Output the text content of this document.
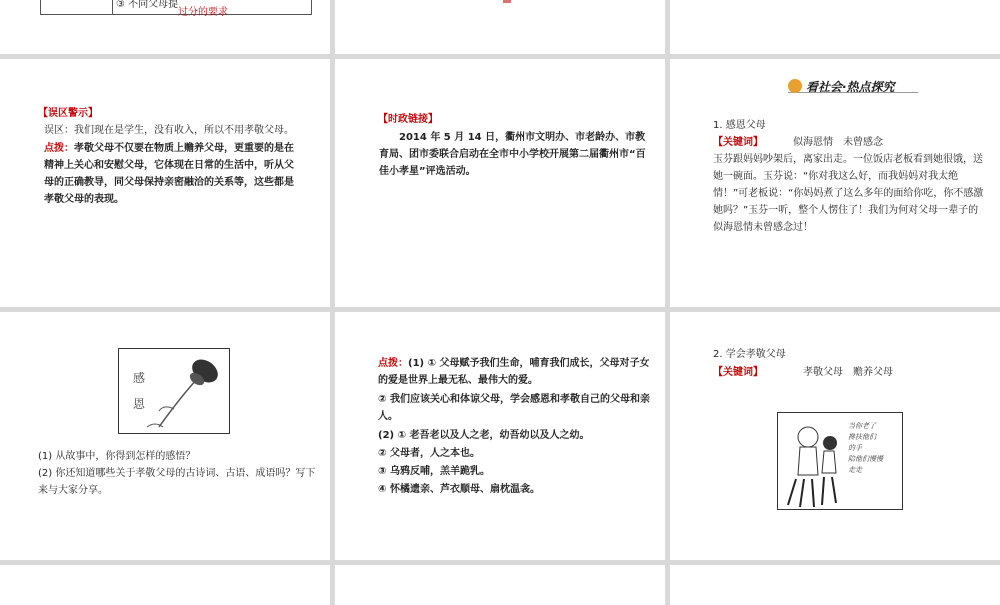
③ 不向父母提
过分的要求
【误区警示】
误区：我们现在是学生，没有收入，所以不用孝敬父母。
点拨：孝敬父母不仅要在物质上赡养父母，更重要的是在精神上关心和安慰父母，它体现在日常的生活中，听从父母的正确教导，同父母保持亲密融洽的关系等，这些都是孝敬父母的表现。
【时政链接】
2014 年 5 月 14 日，衢州市文明办、市老龄办、市教育局、团市委联合启动在全市中小学校开展第二届衢州市“百佳小孝星”评选活动。
看社会·热点探究
1. 感恩父母
【关键词】	似海恩情　未曾感念
玉芬跟妈妈吵架后，离家出走。一位饭店老板看到她很饿，送她一碗面。玉芬说：“你对我这么好，而我妈妈对我太绝情！”可老板说：“你妈妈煮了这么多年的面给你吃，你不感激她吗？”玉芬一听，整个人愣住了！我们为何对父母一辈子的似海恩情未曾感念过！
感恩
(1) 从故事中，你得到怎样的感悟？
(2) 你还知道哪些关于孝敬父母的古诗词、古语、成语吗？写下来与大家分享。
点拨：(1) ① 父母赋予我们生命，哺育我们成长，父母对子女的爱是世界上最无私、最伟大的爱。
② 我们应该关心和体谅父母，学会感恩和孝敬自己的父母和亲人。
(2) ① 老吾老以及人之老，幼吾幼以及人之幼。
② 父母者，人之本也。
③ 乌鸦反哺，羔羊跪乳。
④ 怀橘遗亲、芦衣顺母、扇枕温衾。
2. 学会孝敬父母
【关键词】	孝敬父母　赡养父母
当你老了
搀扶他们
的手
陪他们慢慢
走走
